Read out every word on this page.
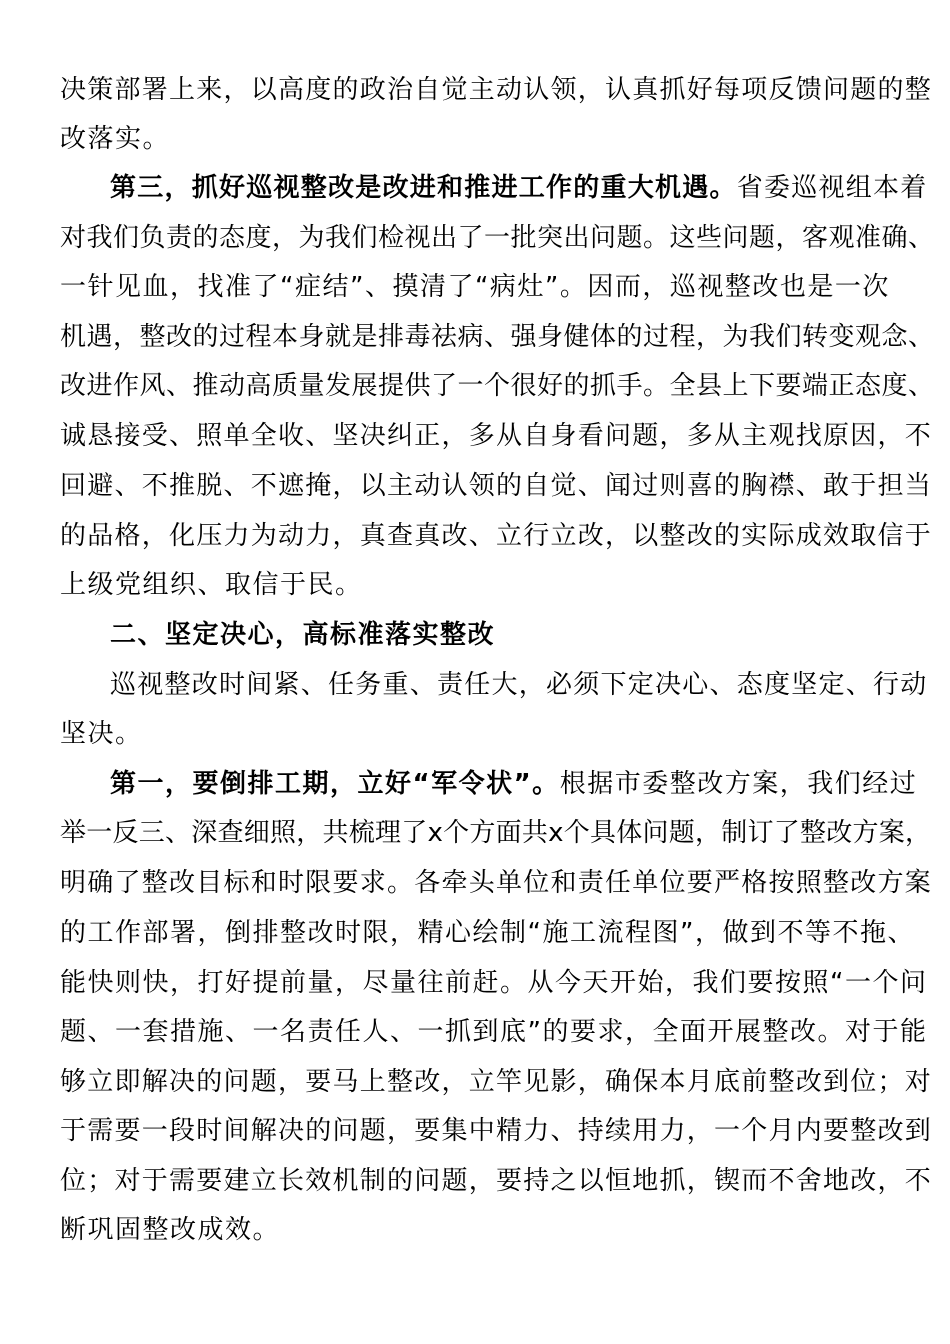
决策部署上来，以高度的政治自觉主动认领，认真抓好每项反馈问题的整
改落实。
第三，抓好巡视整改是改进和推进工作的重大机遇。省委巡视组本着
对我们负责的态度，为我们检视出了一批突出问题。这些问题，客观准确、
一针见血，找准了“症结”、摸清了“病灶”。因而，巡视整改也是一次
机遇，整改的过程本身就是排毒祛病、强身健体的过程，为我们转变观念、
改进作风、推动高质量发展提供了一个很好的抓手。全县上下要端正态度、
诚恳接受、照单全收、坚决纠正，多从自身看问题，多从主观找原因，不
回避、不推脱、不遮掩，以主动认领的自觉、闻过则喜的胸襟、敢于担当
的品格，化压力为动力，真查真改、立行立改，以整改的实际成效取信于
上级党组织、取信于民。
二、坚定决心，高标准落实整改
巡视整改时间紧、任务重、责任大，必须下定决心、态度坚定、行动
坚决。
第一，要倒排工期，立好“军令状”。根据市委整改方案，我们经过
举一反三、深查细照，共梳理了x个方面共x个具体问题，制订了整改方案，
明确了整改目标和时限要求。各牵头单位和责任单位要严格按照整改方案
的工作部署，倒排整改时限，精心绘制“施工流程图”，做到不等不拖、
能快则快，打好提前量，尽量往前赶。从今天开始，我们要按照“一个问
题、一套措施、一名责任人、一抓到底”的要求，全面开展整改。对于能
够立即解决的问题，要马上整改，立竿见影，确保本月底前整改到位；对
于需要一段时间解决的问题，要集中精力、持续用力，一个月内要整改到
位；对于需要建立长效机制的问题，要持之以恒地抓，锲而不舍地改，不
断巩固整改成效。
